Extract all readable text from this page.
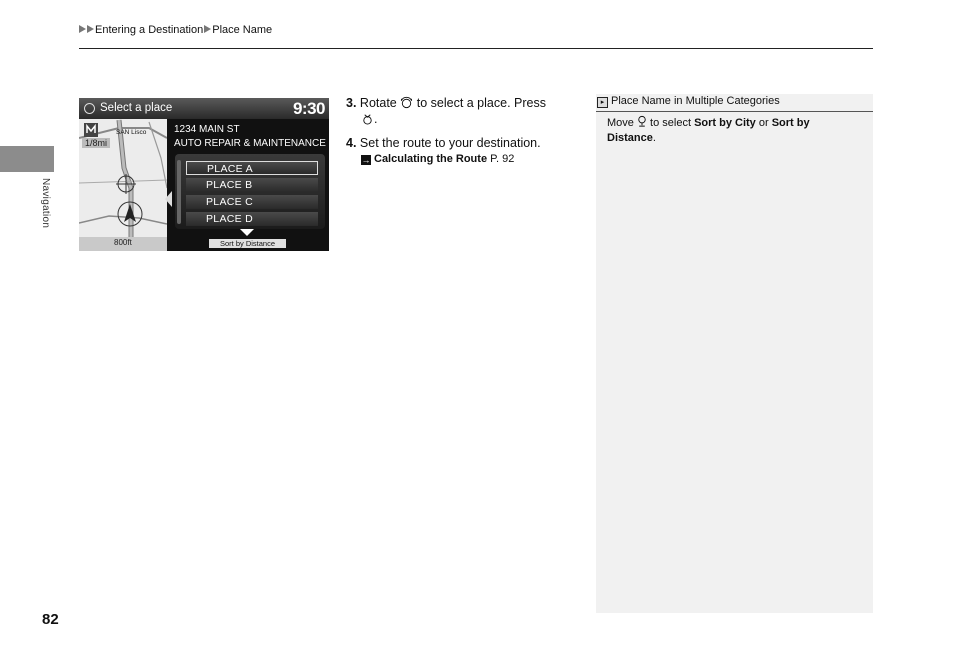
Entering a Destination Place Name
Navigation
SAN Lisco
1/8mi
800ft
Select a place	9:30
1234 MAIN ST
AUTO REPAIR & MAINTENANCE
PLACE A
PLACE B
PLACE C
PLACE D
Sort by Distance
3. Rotate to select a place. Press
.
4. Set the route to your destination.
→ Calculating the Route P. 92
▸ Place Name in Multiple Categories
Move to select Sort by City or Sort by Distance.
82
